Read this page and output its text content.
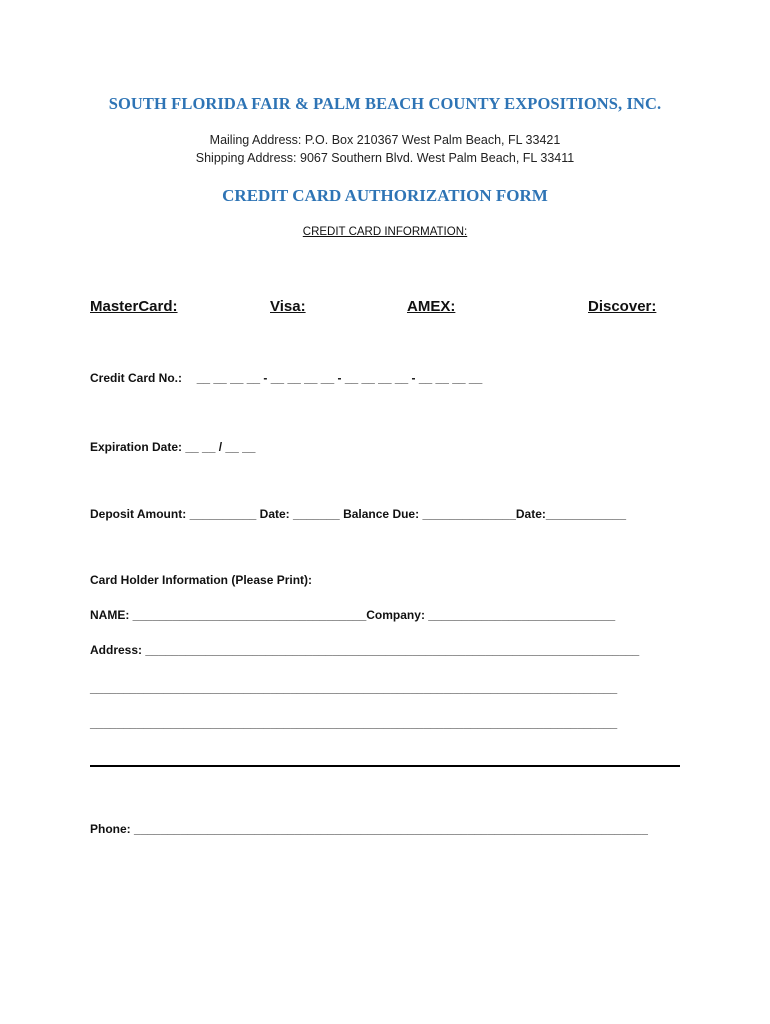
SOUTH FLORIDA FAIR & PALM BEACH COUNTY EXPOSITIONS, INC.
Mailing Address: P.O. Box 210367 West Palm Beach, FL 33421
Shipping Address: 9067 Southern Blvd. West Palm Beach, FL 33411
CREDIT CARD AUTHORIZATION FORM
CREDIT CARD INFORMATION:
MasterCard:	Visa:	AMEX:	Discover:
Credit Card No.: __ __ __ __ - __ __ __ __ - __ __ __ __ - __ __ __ __
Expiration Date: __ __ / __ __
Deposit Amount: __________ Date: _______ Balance Due: ______________Date:____________
Card Holder Information (Please Print):
NAME: ___________________________________Company: ____________________________
Address: __________________________________________________________________________
_______________________________________________________________________________
_______________________________________________________________________________
Phone: _____________________________________________________________________________
